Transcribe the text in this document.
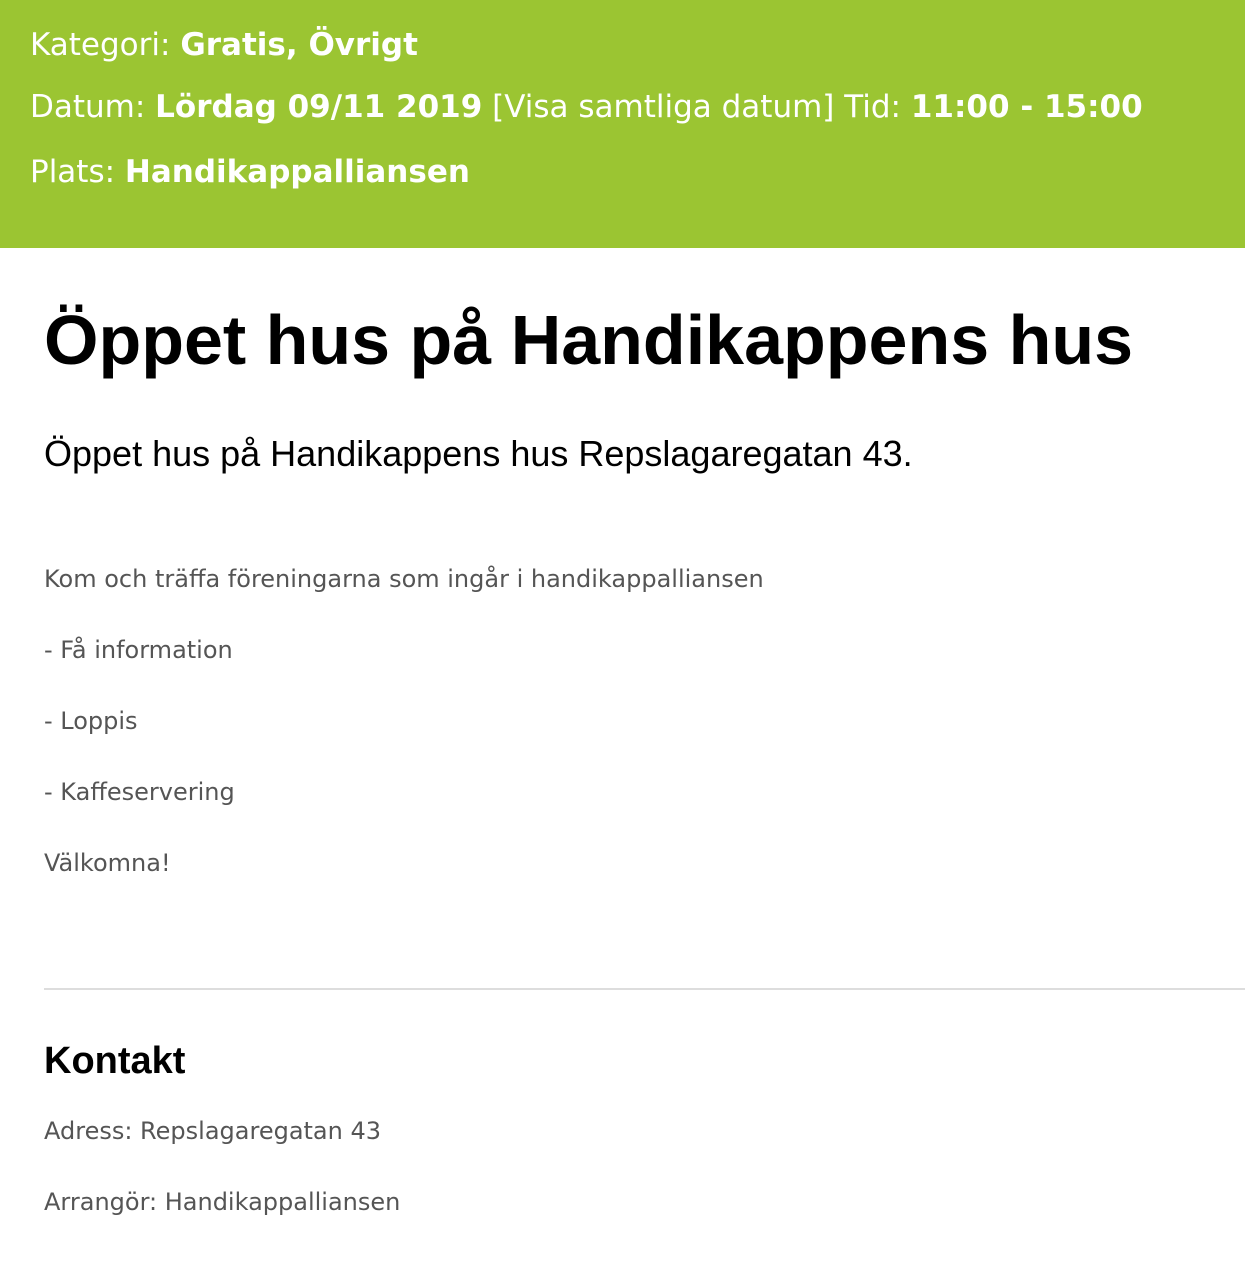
Kategori: Gratis, Övrigt
Datum: Lördag 09/11 2019 [Visa samtliga datum] Tid: 11:00 - 15:00
Plats: Handikappalliansen
Öppet hus på Handikappens hus

Öppet hus på Handikappens hus Repslagaregatan 43.

Kom och träffa föreningarna som ingår i handikappalliansen

- Få information

- Loppis

- Kaffeservering

Välkomna!

Kontakt

Adress: Repslagaregatan 43

Arrangör: Handikappalliansen
